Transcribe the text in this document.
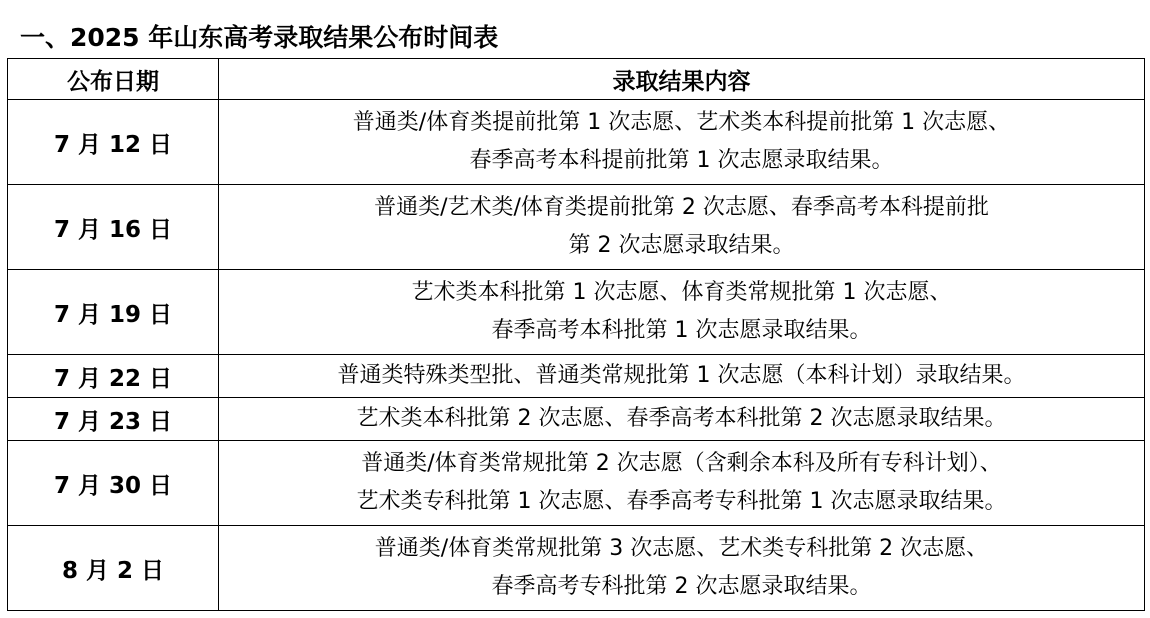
一、2025 年山东高考录取结果公布时间表
公布日期	录取结果内容
7 月 12 日	普通类/体育类提前批第 1 次志愿、艺术类本科提前批第 1 次志愿、
春季高考本科提前批第 1 次志愿录取结果。

7 月 16 日	普通类/艺术类/体育类提前批第 2 次志愿、春季高考本科提前批
第 2 次志愿录取结果。

7 月 19 日	艺术类本科批第 1 次志愿、体育类常规批第 1 次志愿、
春季高考本科批第 1 次志愿录取结果。

7 月 22 日	普通类特殊类型批、普通类常规批第 1 次志愿（本科计划）录取结果。

7 月 23 日	艺术类本科批第 2 次志愿、春季高考本科批第 2 次志愿录取结果。

7 月 30 日	普通类/体育类常规批第 2 次志愿（含剩余本科及所有专科计划）、
艺术类专科批第 1 次志愿、春季高考专科批第 1 次志愿录取结果。

8 月 2 日	普通类/体育类常规批第 3 次志愿、艺术类专科批第 2 次志愿、
春季高考专科批第 2 次志愿录取结果。
